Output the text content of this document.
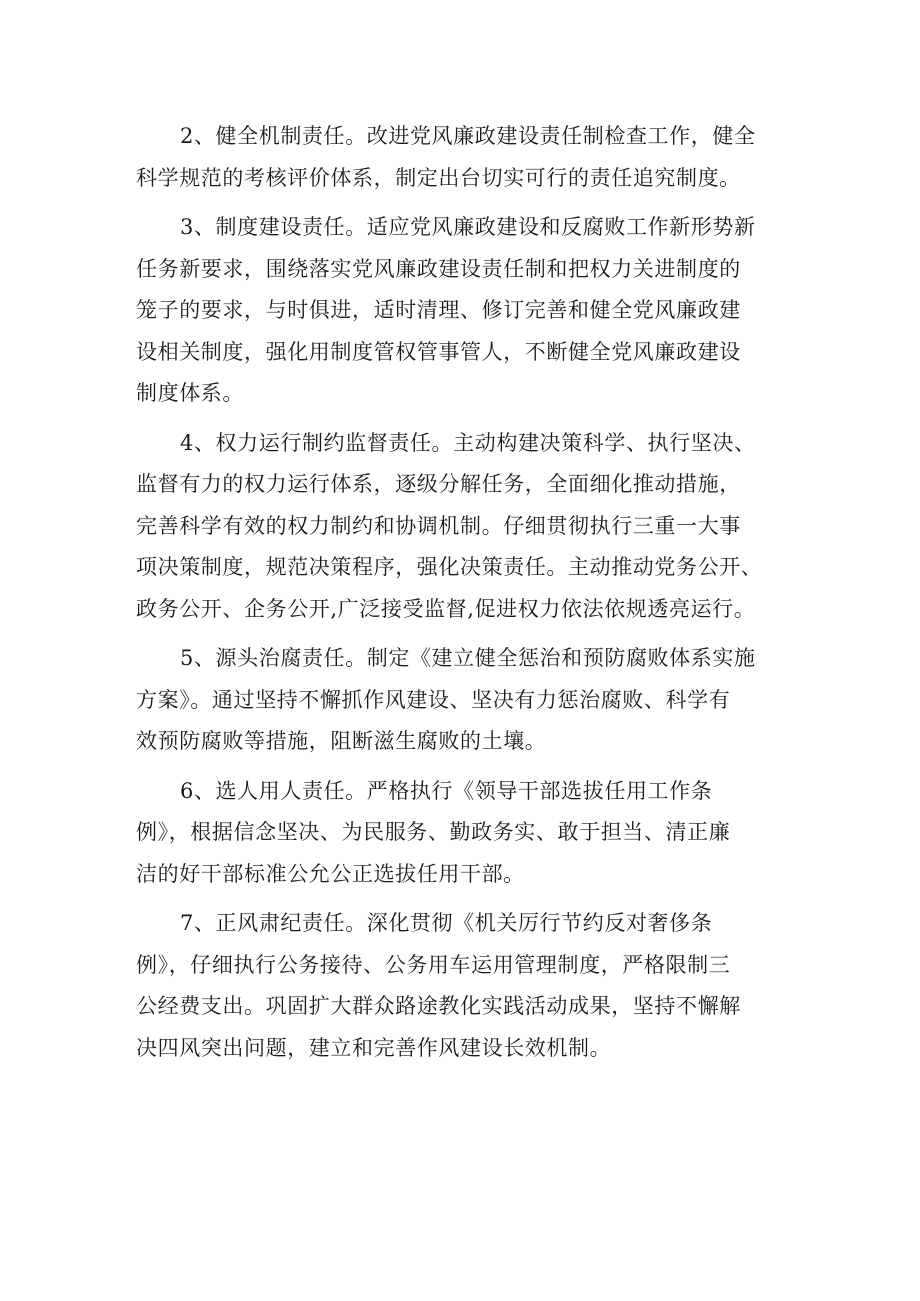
2、健全机制责任。改进党风廉政建设责任制检查工作，健全
科学规范的考核评价体系，制定出台切实可行的责任追究制度。

3、制度建设责任。适应党风廉政建设和反腐败工作新形势新
任务新要求，围绕落实党风廉政建设责任制和把权力关进制度的
笼子的要求，与时俱进，适时清理、修订完善和健全党风廉政建
设相关制度，强化用制度管权管事管人，不断健全党风廉政建设
制度体系。

4、权力运行制约监督责任。主动构建决策科学、执行坚决、
监督有力的权力运行体系，逐级分解任务，全面细化推动措施，
完善科学有效的权力制约和协调机制。仔细贯彻执行三重一大事
项决策制度，规范决策程序，强化决策责任。主动推动党务公开、
政务公开、企务公开,广泛接受监督,促进权力依法依规透亮运行。

5、源头治腐责任。制定《建立健全惩治和预防腐败体系实施
方案》。通过坚持不懈抓作风建设、坚决有力惩治腐败、科学有
效预防腐败等措施，阻断滋生腐败的土壤。

6、选人用人责任。严格执行《领导干部选拔任用工作条
例》，根据信念坚决、为民服务、勤政务实、敢于担当、清正廉
洁的好干部标准公允公正选拔任用干部。

7、正风肃纪责任。深化贯彻《机关厉行节约反对奢侈条
例》，仔细执行公务接待、公务用车运用管理制度，严格限制三
公经费支出。巩固扩大群众路途教化实践活动成果，坚持不懈解
决四风突出问题，建立和完善作风建设长效机制。
